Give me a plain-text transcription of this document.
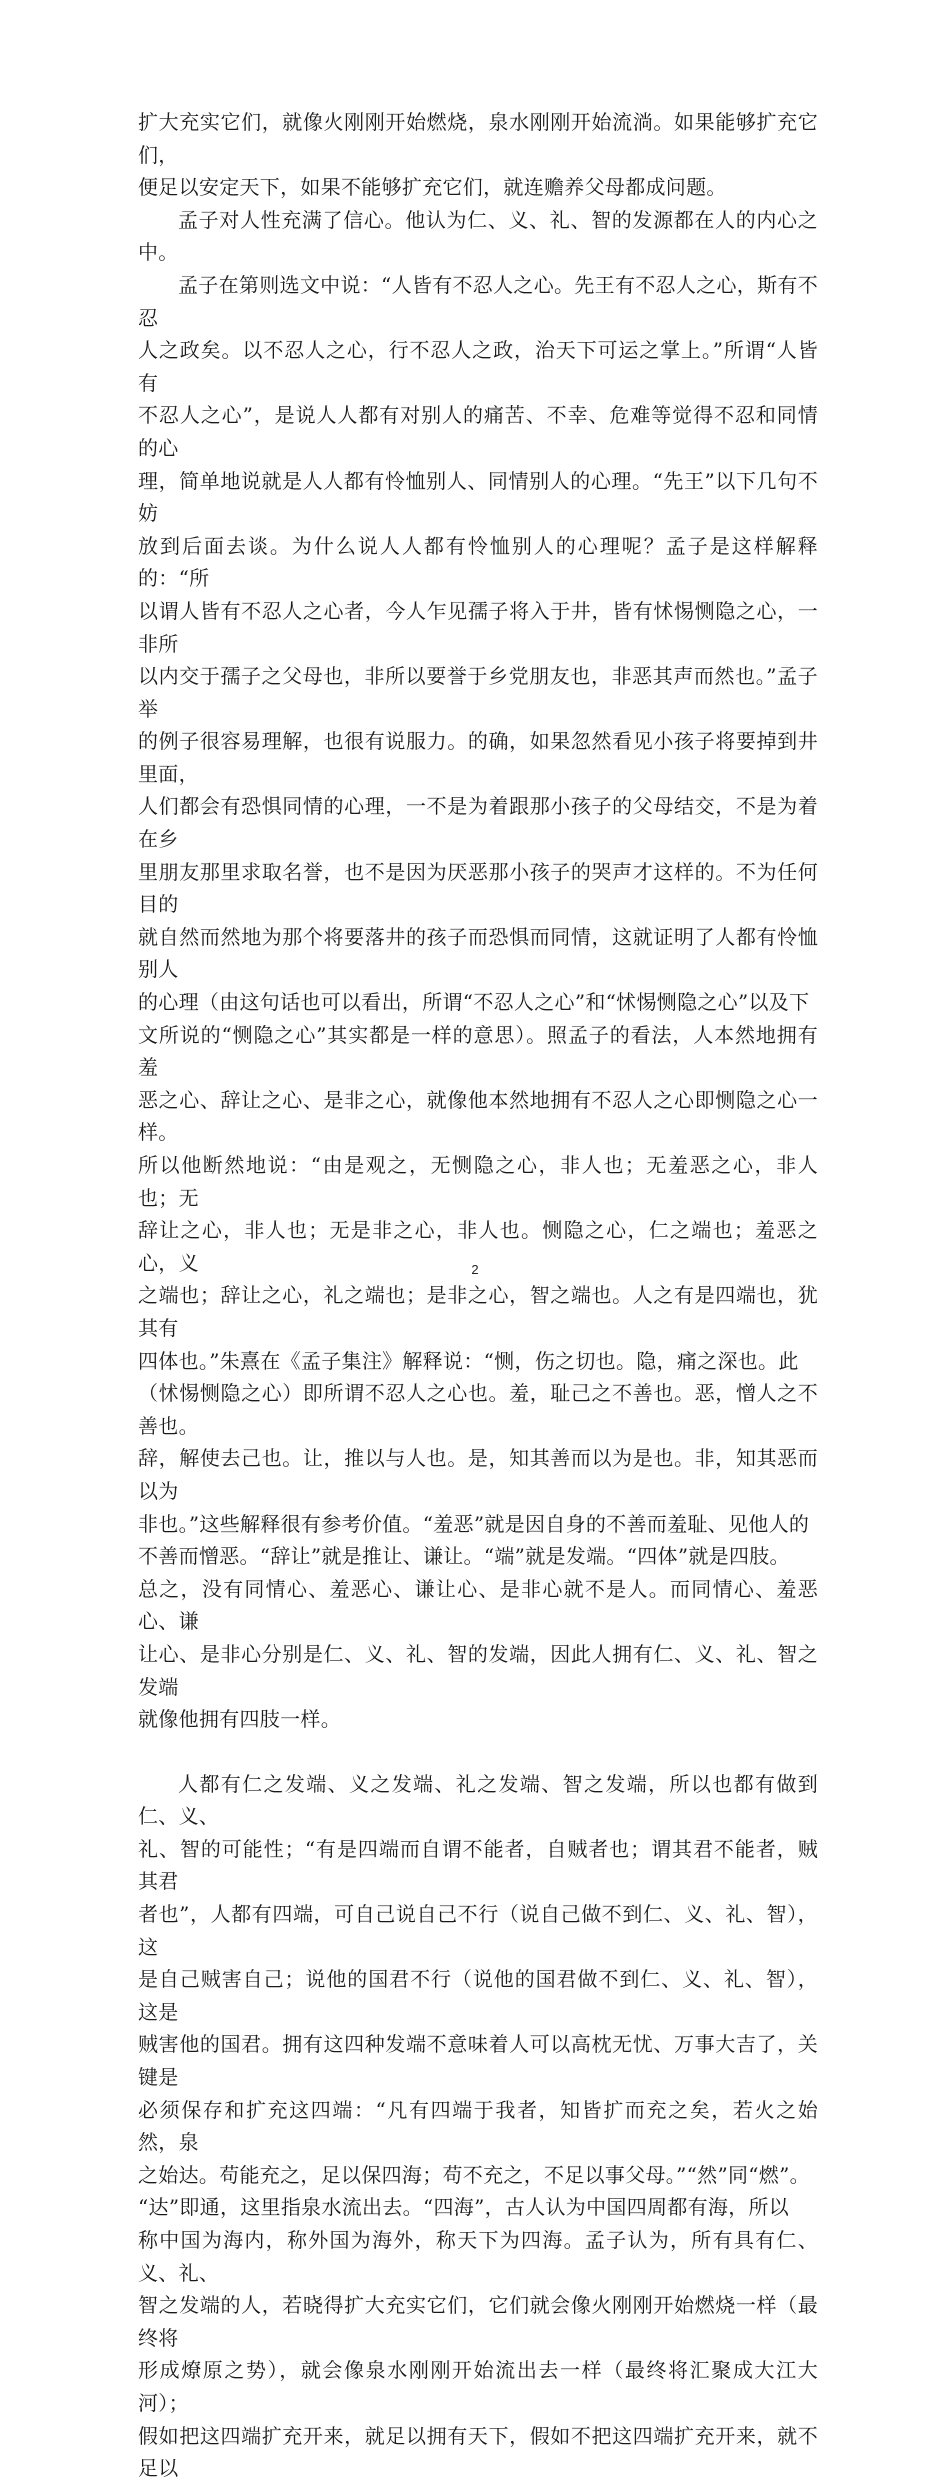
扩大充实它们，就像火刚刚开始燃烧，泉水刚刚开始流淌。如果能够扩充它们，
便足以安定天下，如果不能够扩充它们，就连赡养父母都成问题。

孟子对人性充满了信心。他认为仁、义、礼、智的发源都在人的内心之中。

孟子在第则选文中说：“人皆有不忍人之心。先王有不忍人之心，斯有不忍
人之政矣。以不忍人之心，行不忍人之政，治天下可运之掌上。”所谓“人皆有
不忍人之心”，是说人人都有对别人的痛苦、不幸、危难等觉得不忍和同情的心
理，简单地说就是人人都有怜恤别人、同情别人的心理。“先王”以下几句不妨
放到后面去谈。为什么说人人都有怜恤别人的心理呢？孟子是这样解释的：“所
以谓人皆有不忍人之心者，今人乍见孺子将入于井，皆有怵惕恻隐之心，一非所
以内交于孺子之父母也，非所以要誉于乡党朋友也，非恶其声而然也。”孟子举
的例子很容易理解，也很有说服力。的确，如果忽然看见小孩子将要掉到井里面，
人们都会有恐惧同情的心理，一不是为着跟那小孩子的父母结交，不是为着在乡
里朋友那里求取名誉，也不是因为厌恶那小孩子的哭声才这样的。不为任何目的
就自然而然地为那个将要落井的孩子而恐惧而同情，这就证明了人都有怜恤别人
的心理（由这句话也可以看出，所谓“不忍人之心”和“怵惕恻隐之心”以及下
文所说的“恻隐之心”其实都是一样的意思）。照孟子的看法，人本然地拥有羞
恶之心、辞让之心、是非之心，就像他本然地拥有不忍人之心即恻隐之心一样。
所以他断然地说：“由是观之，无恻隐之心，非人也；无羞恶之心，非人也；无
辞让之心，非人也；无是非之心，非人也。恻隐之心，仁之端也；羞恶之心，义
之端也；辞让之心，礼之端也；是非之心，智之端也。人之有是四端也，犹其有
四体也。”朱熹在《孟子集注》解释说：“恻，伤之切也。隐，痛之深也。此
（怵惕恻隐之心）即所谓不忍人之心也。羞，耻己之不善也。恶，憎人之不善也。
辞，解使去己也。让，推以与人也。是，知其善而以为是也。非，知其恶而以为
非也。”这些解释很有参考价值。“羞恶”就是因自身的不善而羞耻、见他人的
不善而憎恶。“辞让”就是推让、谦让。“端”就是发端。“四体”就是四肢。
总之，没有同情心、羞恶心、谦让心、是非心就不是人。而同情心、羞恶心、谦
让心、是非心分别是仁、义、礼、智的发端，因此人拥有仁、义、礼、智之发端
就像他拥有四肢一样。

人都有仁之发端、义之发端、礼之发端、智之发端，所以也都有做到仁、义、
礼、智的可能性；“有是四端而自谓不能者，自贼者也；谓其君不能者，贼其君
者也”，人都有四端，可自己说自己不行（说自己做不到仁、义、礼、智），这
是自己贼害自己；说他的国君不行（说他的国君做不到仁、义、礼、智），这是
贼害他的国君。拥有这四种发端不意味着人可以高枕无忧、万事大吉了，关键是
必须保存和扩充这四端：“凡有四端于我者，知皆扩而充之矣，若火之始然，泉
之始达。苟能充之，足以保四海；苟不充之，不足以事父母。”“然”同“燃”。
“达”即通，这里指泉水流出去。“四海”，古人认为中国四周都有海，所以
称中国为海内，称外国为海外，称天下为四海。孟子认为，所有具有仁、义、礼、
智之发端的人，若晓得扩大充实它们，它们就会像火刚刚开始燃烧一样（最终将
形成燎原之势），就会像泉水刚刚开始流出去一样（最终将汇聚成大江大河）；
假如把这四端扩充开来，就足以拥有天下，假如不把这四端扩充开来，就不足以

2
